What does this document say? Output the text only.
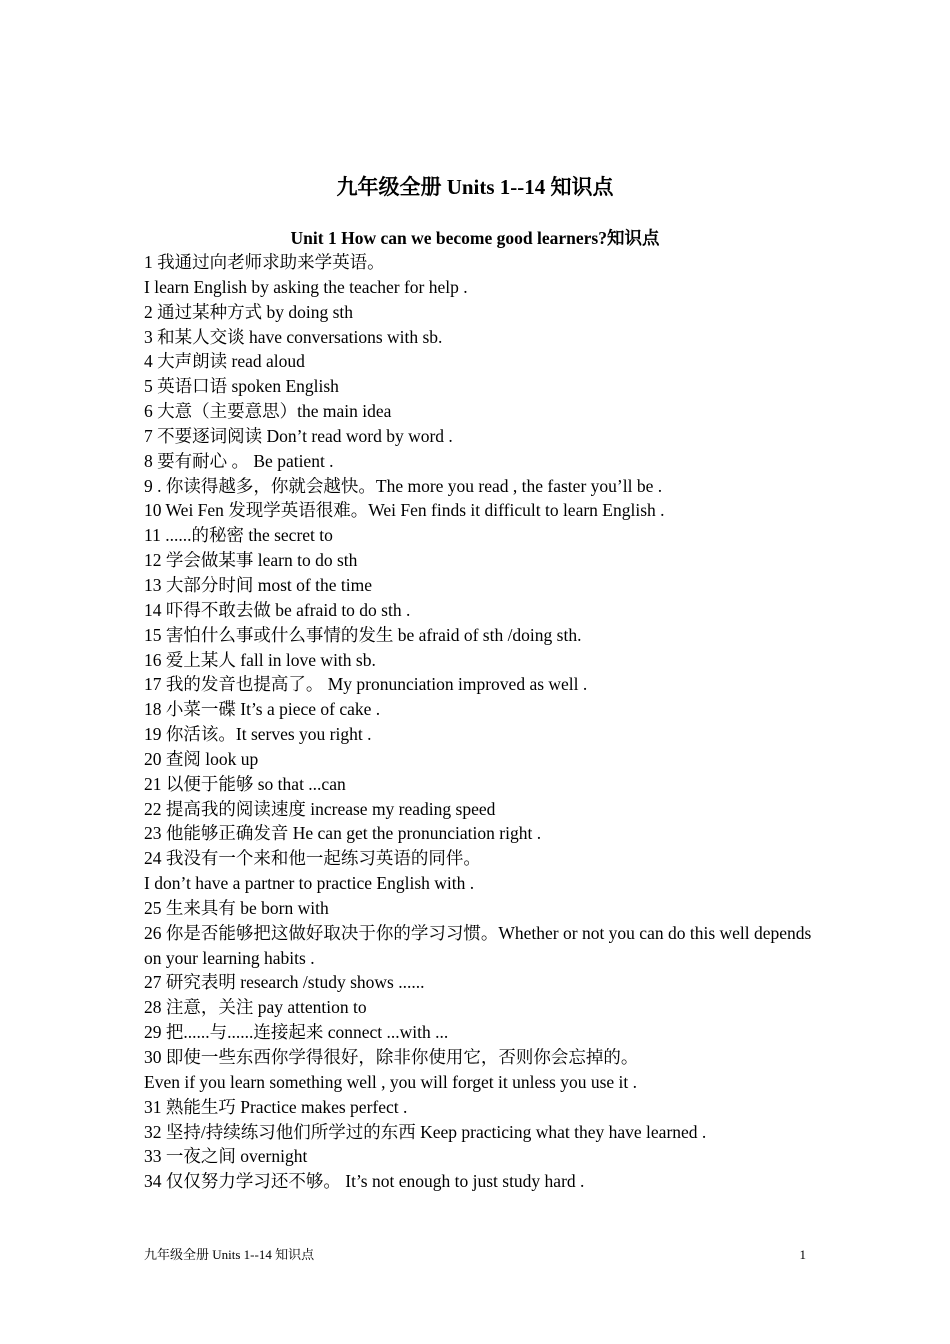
九年级全册 Units 1--14 知识点
Unit 1 How can we become good learners?知识点
1 我通过向老师求助来学英语。
I learn English by asking the teacher for help .
2 通过某种方式 by doing sth
3 和某人交谈 have conversations with sb.
4 大声朗读 read aloud
5 英语口语 spoken English
6 大意（主要意思）the main idea
7 不要逐词阅读 Don’t read word by word .
8 要有耐心 。 Be patient .
9 . 你读得越多，你就会越快。The more you read , the faster you’ll be .
10 Wei Fen 发现学英语很难。Wei Fen finds it difficult to learn English .
11 ......的秘密 the secret to
12 学会做某事 learn to do sth
13 大部分时间 most of the time
14 吓得不敢去做 be afraid to do sth .
15 害怕什么事或什么事情的发生 be afraid of sth /doing sth.
16 爱上某人 fall in love with sb.
17 我的发音也提高了。 My pronunciation improved as well .
18 小菜一碟 It’s a piece of cake .
19 你活该。It serves you right .
20 查阅 look up
21 以便于能够 so that ...can
22 提高我的阅读速度 increase my reading speed
23 他能够正确发音 He can get the pronunciation right .
24 我没有一个来和他一起练习英语的同伴。
I don’t have a partner to practice English with .
25 生来具有 be born with
26 你是否能够把这做好取决于你的学习习惯。Whether or not you can do this well depends on your learning habits .
27 研究表明 research /study shows ......
28 注意，关注 pay attention to
29 把......与......连接起来 connect ...with ...
30 即使一些东西你学得很好，除非你使用它，否则你会忘掉的。
Even if you learn something well , you will forget it unless you use it .
31 熟能生巧 Practice makes perfect .
32 坚持/持续练习他们所学过的东西 Keep practicing what they have learned .
33 一夜之间 overnight
34 仅仅努力学习还不够。 It’s not enough to just study hard .
九年级全册 Units 1--14 知识点	1
